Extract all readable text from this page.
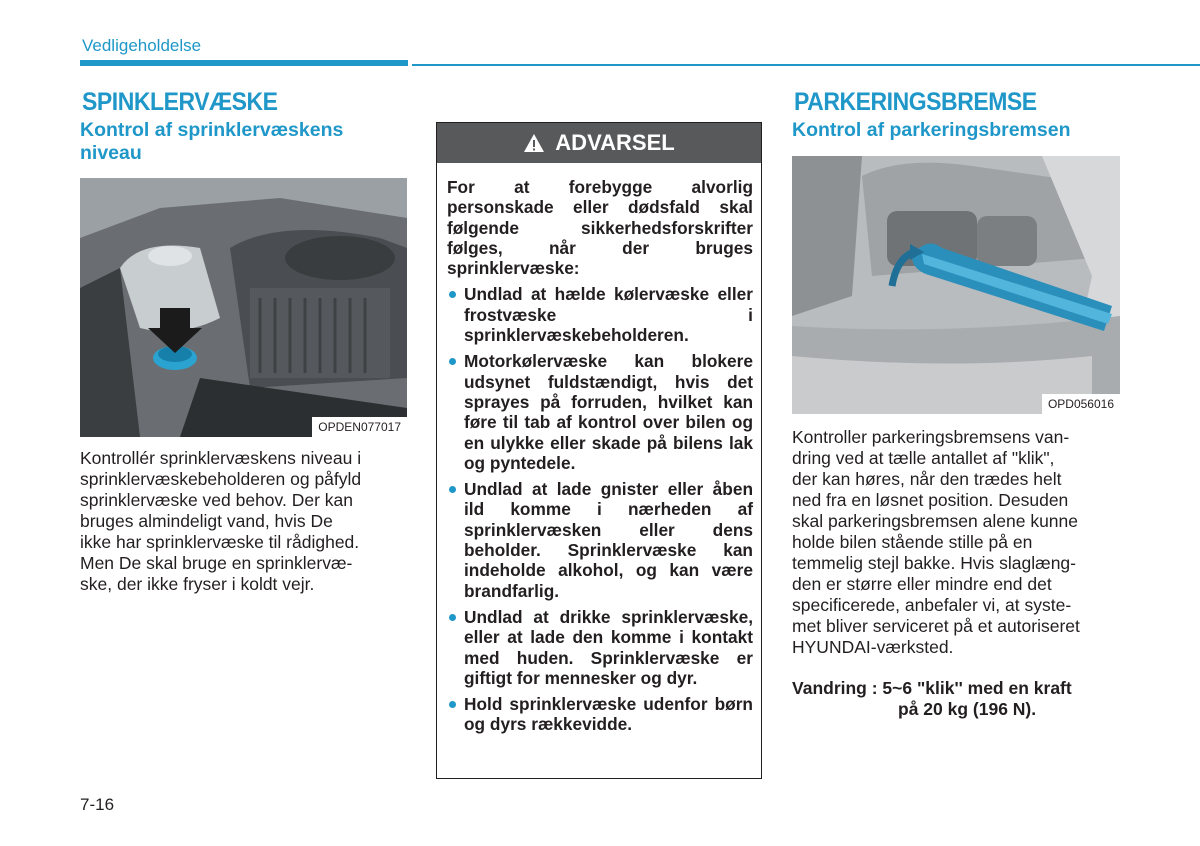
Vedligeholdelse
SPINKLERVÆSKE
Kontrol af sprinklervæskens
niveau
OPDEN077017
Kontrollér sprinklervæskens niveau i
sprinklervæskebeholderen og påfyld
sprinklervæske ved behov. Der kan
bruges almindeligt vand, hvis De
ikke har sprinklervæske til rådighed.
Men De skal bruge en sprinklervæ-
ske, der ikke fryser i koldt vejr.
ADVARSEL

For at forebygge alvorlig personskade eller dødsfald skal følgende sikkerhedsforskrifter følges, når der bruges sprinklervæske:

Undlad at hælde kølervæske eller frostvæske i sprinklervæskebeholderen.
Motorkølervæske kan blokere udsynet fuldstændigt, hvis det sprayes på forruden, hvilket kan føre til tab af kontrol over bilen og en ulykke eller skade på bilens lak og pyntedele.
Undlad at lade gnister eller åben ild komme i nærheden af sprinklervæsken eller dens beholder. Sprinklervæske kan indeholde alkohol, og kan være brandfarlig.
Undlad at drikke sprinklervæske, eller at lade den komme i kontakt med huden. Sprinklervæske er giftigt for mennesker og dyr.
Hold sprinklervæske udenfor børn og dyrs rækkevidde.
PARKERINGSBREMSE
Kontrol af parkeringsbremsen
OPD056016
Kontroller parkeringsbremsens van-
dring ved at tælle antallet af "klik",
der kan høres, når den trædes helt
ned fra en løsnet position. Desuden
skal parkeringsbremsen alene kunne
holde bilen stående stille på en
temmelig stejl bakke. Hvis slaglæng-
den er større eller mindre end det
specificerede, anbefaler vi, at syste-
met bliver serviceret på et autoriseret
HYUNDAI-værksted.
Vandring : 5~6 "klik'' med en kraft
på 20 kg (196 N).
7-16
